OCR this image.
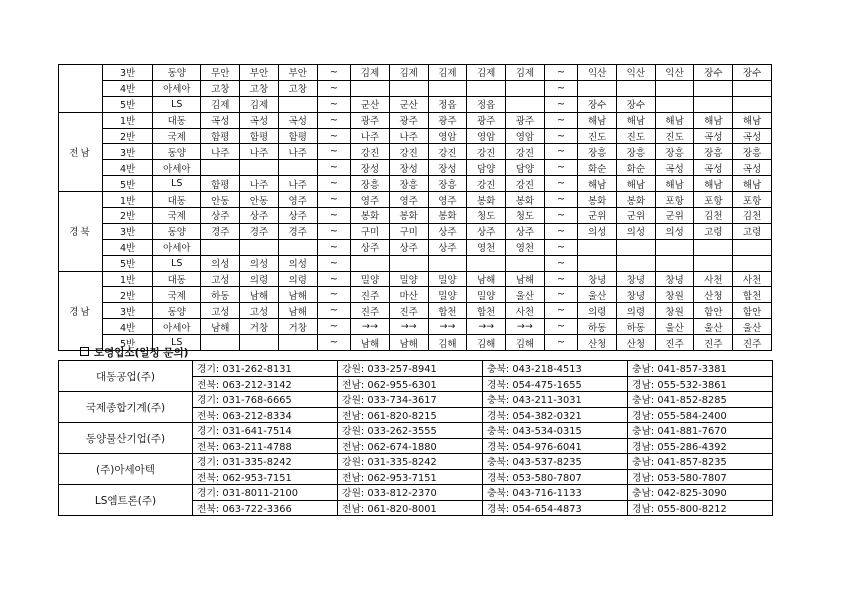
	3반	동양	무안	부안	부안	~	김제	김제	김제	김제	김제	~	익산	익산	익산	장수	장수
	4반	아세아	고창	고창	고창	~						~					
	5반	LS	김제	김제		~	군산	군산	정읍	정읍		~	장수	장수			
전남	1반	대동	곡성	곡성	곡성	~	광주	광주	광주	광주	광주	~	해남	해남	해남	해남	해남
	2반	국제	함평	함평	함평	~	나주	나주	영암	영암	영암	~	진도	진도	진도	곡성	곡성
	3반	동양	나주	나주	나주	~	강진	강진	강진	강진	강진	~	장흥	장흥	장흥	장흥	장흥
	4반	아세아				~	장성	장성	장성	담양	담양	~	화순	화순	곡성	곡성	곡성
	5반	LS	함평	나주	나주	~	장흥	장흥	장흥	강진	강진	~	해남	해남	해남	해남	해남
경북	1반	대동	안동	안동	영주	~	영주	영주	영주	봉화	봉화	~	봉화	봉화	포항	포항	포항
	2반	국제	상주	상주	상주	~	봉화	봉화	봉화	청도	청도	~	군위	군위	군위	김천	김천
	3반	동양	경주	경주	경주	~	구미	구미	상주	상주	상주	~	의성	의성	의성	고령	고령
	4반	아세아				~	상주	상주	상주	영천	영천	~					
	5반	LS	의성	의성	의성	~						~					
경남	1반	대동	고성	의령	의령	~	밀양	밀양	밀양	남해	남해	~	창녕	창녕	창녕	사천	사천
	2반	국제	하동	남해	남해	~	진주	마산	밀양	밀양	울산	~	울산	창녕	창원	산청	합천
	3반	동양	고성	고성	남해	~	진주	진주	합천	합천	사천	~	의령	의령	창원	함안	함안
	4반	아세아	남해	거창	거창	~	→→	→→	→→	→→	→→	~	하동	하동	울산	울산	울산
	5반	LS				~	남해	남해	김해	김해	김해	~	산청	산청	진주	진주	진주
도영업소(일정 문의)
대동공업(주)	경기: 031-262-8131	강원: 033-257-8941	충북: 043-218-4513	충남: 041-857-3381
	전북: 063-212-3142	전남: 062-955-6301	경북: 054-475-1655	경남: 055-532-3861
국제종합기계(주)	경기: 031-768-6665	강원: 033-734-3617	충북: 043-211-3031	충남: 041-852-8285
	전북: 063-212-8334	전남: 061-820-8215	경북: 054-382-0321	경남: 055-584-2400
동양물산기업(주)	경기: 031-641-7514	강원: 033-262-3555	충북: 043-534-0315	충남: 041-881-7670
	전북: 063-211-4788	전남: 062-674-1880	경북: 054-976-6041	경남: 055-286-4392
(주)아세아텍	경기: 031-335-8242	강원: 031-335-8242	충북: 043-537-8235	충남: 041-857-8235
	전북: 062-953-7151	전남: 062-953-7151	경북: 053-580-7807	경남: 053-580-7807
LS엠트론(주)	경기: 031-8011-2100	강원: 033-812-2370	충북: 043-716-1133	충남: 042-825-3090
	전북: 063-722-3366	전남: 061-820-8001	경북: 054-654-4873	경남: 055-800-8212
